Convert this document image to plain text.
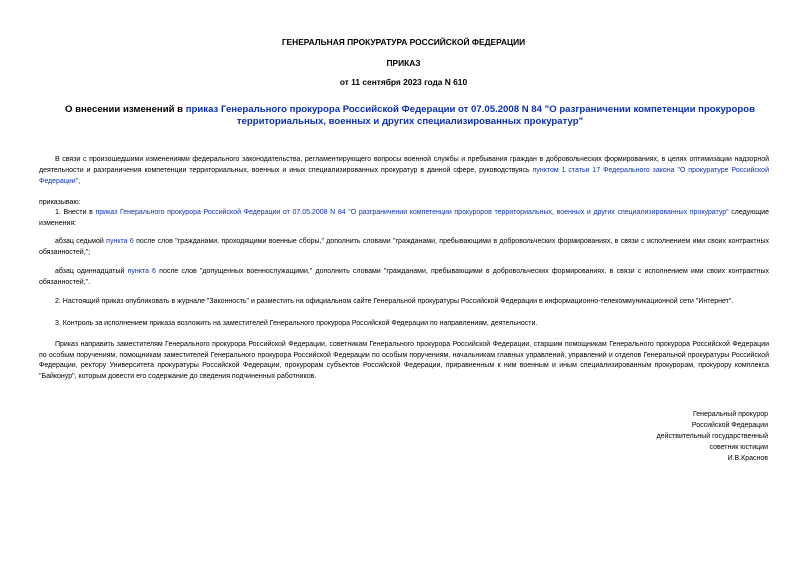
ГЕНЕРАЛЬНАЯ ПРОКУРАТУРА РОССИЙСКОЙ ФЕДЕРАЦИИ
ПРИКАЗ
от 11 сентября 2023 года N 610
О внесении изменений в приказ Генерального прокурора Российской Федерации от 07.05.2008 N 84 "О разграничении компетенции прокуроров территориальных, военных и других специализированных прокуратур"
В связи с произошедшими изменениями федерального законодательства, регламентирующего вопросы военной службы и пребывания граждан в добровольческих формированиях, в целях оптимизации надзорной деятельности и разграничения компетенции территориальных, военных и иных специализированных прокуратур в данной сфере, руководствуясь пунктом 1 статьи 17 Федерального закона "О прокуратуре Российской Федерации",
приказываю:
1. Внести в приказ Генерального прокурора Российской Федерации от 07.05.2008 N 84 "О разграничении компетенции прокуроров территориальных, военных и других специализированных прокуратур" следующие изменения:
абзац седьмой пункта 6 после слов "гражданами, проходящими военные сборы," дополнить словами "гражданами, пребывающими в добровольческих формированиях, в связи с исполнением ими своих контрактных обязанностей,";
абзац одиннадцатый пункта 6 после слов "допущенных военнослужащими," дополнить словами "гражданами, пребывающими в добровольческих формированиях, в связи с исполнением ими своих контрактных обязанностей,".
2. Настоящий приказ опубликовать в журнале "Законность" и разместить на официальном сайте Генеральной прокуратуры Российской Федерации в информационно-телекоммуникационной сети "Интернет".
3. Контроль за исполнением приказа возложить на заместителей Генерального прокурора Российской Федерации по направлениям, деятельности.
Приказ направить заместителям Генерального прокурора Российской Федерации, советникам Генерального прокурора Российской Федерации, старшим помощникам Генерального прокурора Российской Федерации по особым поручениям, помощникам заместителей Генерального прокурора Российской Федерации по особым поручениям, начальникам главных управлений, управлений и отделов Генеральной прокуратуры Российской Федерации, ректору Университета прокуратуры Российской Федерации, прокурорам субъектов Российской Федерации, приравненным к ним военным и иным специализированным прокурорам, прокурору комплекса "Байконур", которым довести его содержание до сведения подчиненных работников.
Генеральный прокурор
Российской Федерации
действительный государственный
советник юстиции
И.В.Краснов
